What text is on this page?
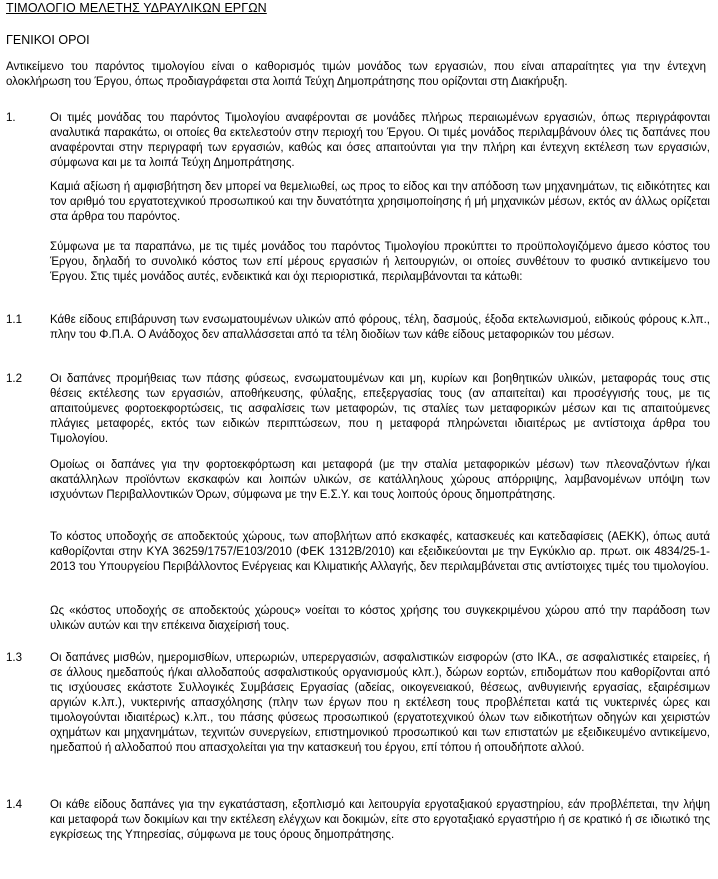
ΤΙΜΟΛΟΓΙΟ ΜΕΛΕΤΗΣ ΥΔΡΑΥΛΙΚΩΝ ΕΡΓΩΝ
ΓΕΝΙΚΟΙ ΟΡΟΙ

Αντικείμενο του παρόντος τιμολογίου είναι ο καθορισμός τιμών μονάδος των εργασιών, που είναι απαραίτητες για την έντεχνη ολοκλήρωση του Έργου, όπως προδιαγράφεται στα λοιπά Τεύχη Δημοπράτησης που ορίζονται στη Διακήρυξη.

1.	Οι τιμές μονάδας του παρόντος Τιμολογίου αναφέρονται σε μονάδες πλήρως περαιωμένων εργασιών, όπως περιγράφονται αναλυτικά παρακάτω, οι οποίες θα εκτελεστούν στην περιοχή του Έργου. Οι τιμές μονάδος περιλαμβάνουν όλες τις δαπάνες που αναφέρονται στην περιγραφή των εργασιών, καθώς και όσες απαιτούνται για την πλήρη και έντεχνη εκτέλεση των εργασιών, σύμφωνα και με τα λοιπά Τεύχη Δημοπράτησης.

Καμιά αξίωση ή αμφισβήτηση δεν μπορεί να θεμελιωθεί, ως προς το είδος και την απόδοση των μηχανημάτων, τις ειδικότητες και τον αριθμό του εργατοτεχνικού προσωπικού και την δυνατότητα χρησιμοποίησης ή μή μηχανικών μέσων, εκτός αν άλλως ορίζεται στα άρθρα του παρόντος.

Σύμφωνα με τα παραπάνω, με τις τιμές μονάδος του παρόντος Τιμολογίου προκύπτει το προϋπολογιζόμενο άμεσο κόστος του Έργου, δηλαδή το συνολικό κόστος των επί μέρους εργασιών ή λειτουργιών, οι οποίες συνθέτουν το φυσικό αντικείμενο του Έργου. Στις τιμές μονάδος αυτές, ενδεικτικά και όχι περιοριστικά, περιλαμβάνονται τα κάτωθι:

1.1 Κάθε είδους επιβάρυνση των ενσωματουμένων υλικών από φόρους, τέλη, δασμούς, έξοδα εκτελωνισμού, ειδικούς φόρους κ.λπ., πλην του Φ.Π.Α. Ο Ανάδοχος δεν απαλλάσσεται από τα τέλη διοδίων των κάθε είδους μεταφορικών του μέσων.

1.2 Οι δαπάνες προμήθειας των πάσης φύσεως, ενσωματουμένων και μη, κυρίων και βοηθητικών υλικών, μεταφοράς τους στις θέσεις εκτέλεσης των εργασιών, αποθήκευσης, φύλαξης, επεξεργασίας τους (αν απαιτείται) και προσέγγισής τους, με τις απαιτούμενες φορτοεκφορτώσεις, τις ασφαλίσεις των μεταφορών, τις σταλίες των μεταφορικών μέσων και τις απαιτούμενες πλάγιες μεταφορές, εκτός των ειδικών περιπτώσεων, που η μεταφορά πληρώνεται ιδιαιτέρως με αντίστοιχα άρθρα του Τιμολογίου.

Ομοίως οι δαπάνες για την φορτοεκφόρτωση και μεταφορά (με την σταλία μεταφορικών μέσων) των πλεοναζόντων ή/και ακατάλληλων προϊόντων εκσκαφών και λοιπών υλικών, σε κατάλληλους χώρους απόρριψης, λαμβανομένων υπόψη των ισχυόντων Περιβαλλοντικών Όρων, σύμφωνα με την Ε.Σ.Υ. και τους λοιπούς όρους δημοπράτησης.

Το κόστος υποδοχής σε αποδεκτούς χώρους, των αποβλήτων από εκσκαφές, κατασκευές και κατεδαφίσεις (ΑΕΚΚ), όπως αυτά καθορίζονται στην ΚΥΑ 36259/1757/Ε103/2010 (ΦΕΚ 1312Β/2010) και εξειδικεύονται με την Εγκύκλιο αρ. πρωτ. οικ 4834/25-1-2013 του Υπουργείου Περιβάλλοντος Ενέργειας και Κλιματικής Αλλαγής, δεν περιλαμβάνεται στις αντίστοιχες τιμές του τιμολογίου.

Ως «κόστος υποδοχής σε αποδεκτούς χώρους» νοείται το κόστος χρήσης του συγκεκριμένου χώρου από την παράδοση των υλικών αυτών και την επέκεινα διαχείρισή τους.

1.3 Οι δαπάνες μισθών, ημερομισθίων, υπερωριών, υπερεργασιών, ασφαλιστικών εισφορών (στο ΙΚΑ., σε ασφαλιστικές εταιρείες, ή σε άλλους ημεδαπούς ή/και αλλοδαπούς ασφαλιστικούς οργανισμούς κλπ.), δώρων εορτών, επιδομάτων που καθορίζονται από τις ισχύουσες εκάστοτε Συλλογικές Συμβάσεις Εργασίας (αδείας, οικογενειακού, θέσεως, ανθυγιεινής εργασίας, εξαιρέσιμων αργιών κ.λπ.), νυκτερινής απασχόλησης (πλην των έργων που η εκτέλεση τους προβλέπεται κατά τις νυκτερινές ώρες και τιμολογούνται ιδιαιτέρως) κ.λπ., του πάσης φύσεως προσωπικού (εργατοτεχνικού όλων των ειδικοτήτων οδηγών και χειριστών οχημάτων και μηχανημάτων, τεχνιτών συνεργείων, επιστημονικού προσωπικού και των επιστατών με εξειδικευμένο αντικείμενο, ημεδαπού ή αλλοδαπού που απασχολείται για την κατασκευή του έργου, επί τόπου ή οπουδήποτε αλλού.

1.4 Οι κάθε είδους δαπάνες για την εγκατάσταση, εξοπλισμό και λειτουργία εργοταξιακού εργαστηρίου, εάν προβλέπεται, την λήψη και μεταφορά των δοκιμίων και την εκτέλεση ελέγχων και δοκιμών, είτε στο εργοταξιακό εργαστήριο ή σε κρατικό ή σε ιδιωτικό της εγκρίσεως της Υπηρεσίας, σύμφωνα με τους όρους δημοπράτησης.
